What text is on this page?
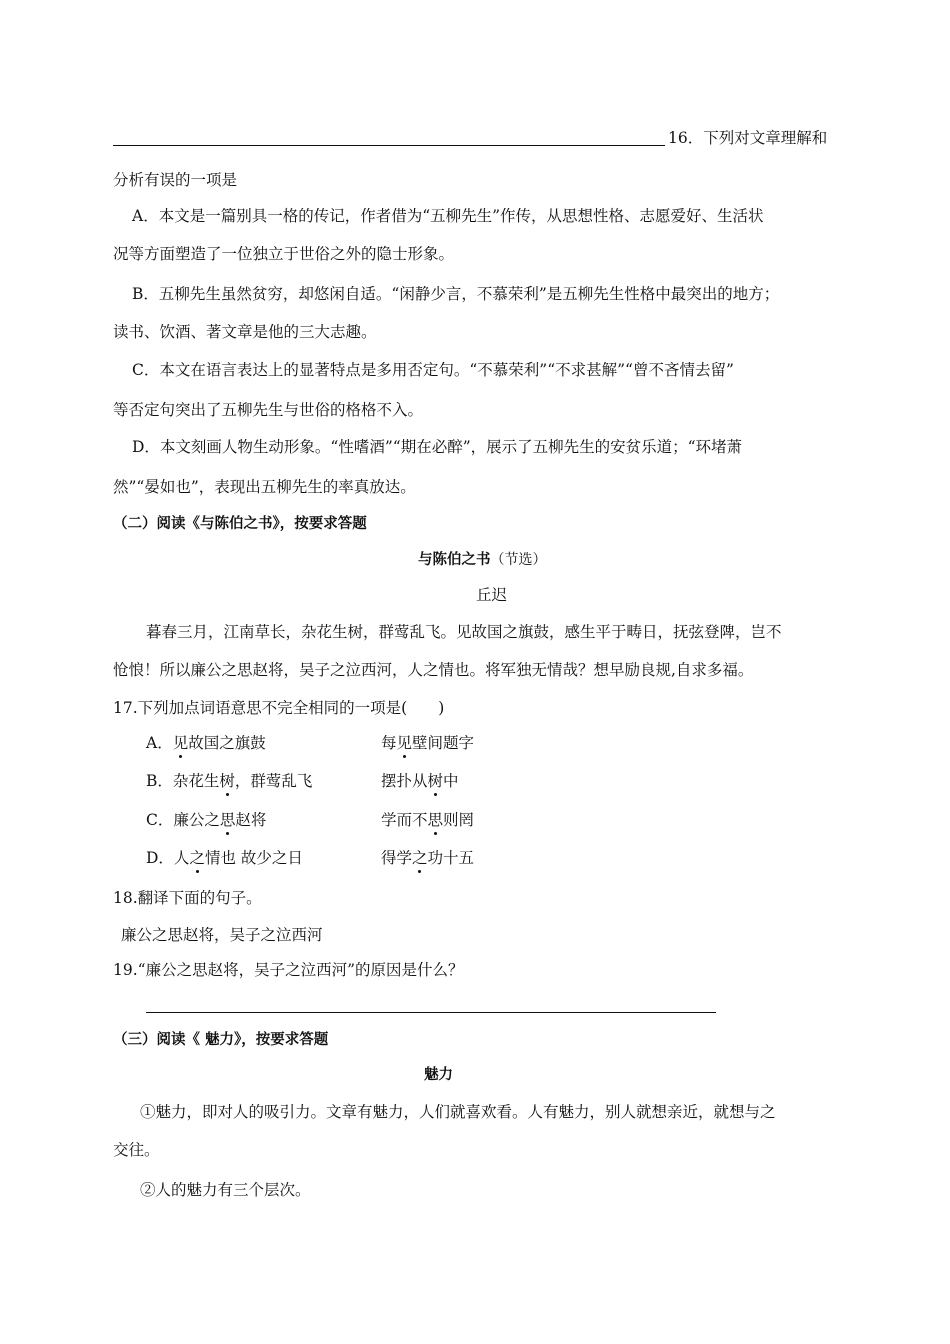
16．下列对文章理解和
分析有误的一项是
A．本文是一篇别具一格的传记，作者借为“五柳先生”作传，从思想性格、志愿爱好、生活状
况等方面塑造了一位独立于世俗之外的隐士形象。
B．五柳先生虽然贫穷，却悠闲自适。“闲静少言，不慕荣利”是五柳先生性格中最突出的地方；
读书、饮酒、著文章是他的三大志趣。
C．本文在语言表达上的显著特点是多用否定句。“不慕荣利”“不求甚解”“曾不吝情去留”
等否定句突出了五柳先生与世俗的格格不入。
D．本文刻画人物生动形象。“性嗜酒”“期在必醉”，展示了五柳先生的安贫乐道；“环堵萧
然”“晏如也”，表现出五柳先生的率真放达。
（二）阅读《与陈伯之书》，按要求答题
与陈伯之书（节选）
丘迟
暮春三月，江南草长，杂花生树，群莺乱飞。见故国之旗鼓，感生平于畴日，抚弦登陴，岂不
怆悢！所以廉公之思赵将，吴子之泣西河，人之情也。将军独无情哉？想早励良规,自求多福。
17.下列加点词语意思不完全相同的一项是(　　)
A．见故国之旗鼓	每见壁间题字
B．杂花生树，群莺乱飞	摆扑从树中
C．廉公之思赵将	学而不思则罔
D．人之情也 故少之日	得学之功十五
18.翻译下面的句子。
廉公之思赵将，吴子之泣西河
19.“廉公之思赵将，吴子之泣西河”的原因是什么？
（三）阅读《 魅力》，按要求答题
魅力
①魅力，即对人的吸引力。文章有魅力，人们就喜欢看。人有魅力，别人就想亲近，就想与之
交往。
②人的魅力有三个层次。
